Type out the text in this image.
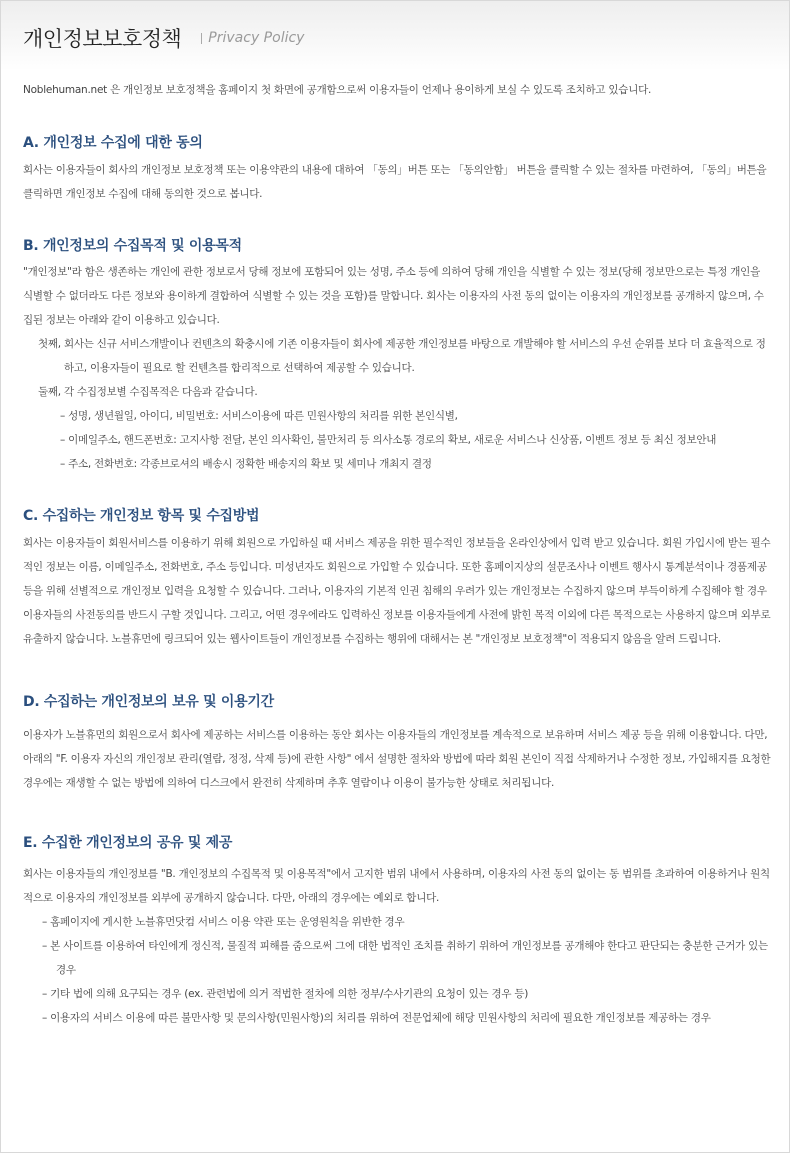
개인정보보호정책 Privacy Policy

Noblehuman.net 은 개인정보 보호정책을 홈페이지 첫 화면에 공개함으로써 이용자들이 언제나 용이하게 보실 수 있도록 조치하고 있습니다.

A. 개인정보 수집에 대한 동의

회사는 이용자들이 회사의 개인정보 보호정책 또는 이용약관의 내용에 대하여 「동의」버튼 또는 「동의안함」 버튼을 클릭할 수 있는 절차를 마련하여, 「동의」버튼을 클릭하면 개인정보 수집에 대해 동의한 것으로 봅니다.

B. 개인정보의 수집목적 및 이용목적

"개인정보"라 함은 생존하는 개인에 관한 정보로서 당해 정보에 포함되어 있는 성명, 주소 등에 의하여 당해 개인을 식별할 수 있는 정보(당해 정보만으로는 특정 개인을 식별할 수 없더라도 다른 정보와 용이하게 결합하여 식별할 수 있는 것을 포함)를 말합니다. 회사는 이용자의 사전 동의 없이는 이용자의 개인정보를 공개하지 않으며, 수집된 정보는 아래와 같이 이용하고 있습니다.

첫째, 회사는 신규 서비스개발이나 컨텐츠의 확충시에 기존 이용자들이 회사에 제공한 개인정보를 바탕으로 개발해야 할 서비스의 우선 순위를 보다 더 효율적으로 정하고, 이용자들이 필요로 할 컨텐츠를 합리적으로 선택하여 제공할 수 있습니다.

둘째, 각 수집정보별 수집목적은 다음과 같습니다.

– 성명, 생년월일, 아이디, 비밀번호: 서비스이용에 따른 민원사항의 처리를 위한 본인식별,

– 이메일주소, 핸드폰번호: 고지사항 전달, 본인 의사확인, 불만처리 등 의사소통 경로의 확보, 새로운 서비스나 신상품, 이벤트 정보 등 최신 정보안내

– 주소, 전화번호: 각종브로셔의 배송시 정확한 배송지의 확보 및 세미나 개최지 결정

C. 수집하는 개인정보 항목 및 수집방법

회사는 이용자들이 회원서비스를 이용하기 위해 회원으로 가입하실 때 서비스 제공을 위한 필수적인 정보들을 온라인상에서 입력 받고 있습니다. 회원 가입시에 받는 필수적인 정보는 이름, 이메일주소, 전화번호, 주소 등입니다. 미성년자도 회원으로 가입할 수 있습니다. 또한 홈페이지상의 설문조사나 이벤트 행사시 통계분석이나 경품제공 등을 위해 선별적으로 개인정보 입력을 요청할 수 있습니다. 그러나, 이용자의 기본적 인권 침해의 우려가 있는 개인정보는 수집하지 않으며 부득이하게 수집해야 할 경우 이용자들의 사전동의를 반드시 구할 것입니다. 그리고, 어떤 경우에라도 입력하신 정보를 이용자들에게 사전에 밝힌 목적 이외에 다른 목적으로는 사용하지 않으며 외부로 유출하지 않습니다. 노블휴먼에 링크되어 있는 웹사이트들이 개인정보를 수집하는 행위에 대해서는 본 "개인정보 보호정책"이 적용되지 않음을 알려 드립니다.

D. 수집하는 개인정보의 보유 및 이용기간

이용자가 노블휴먼의 회원으로서 회사에 제공하는 서비스를 이용하는 동안 회사는 이용자들의 개인정보를 계속적으로 보유하며 서비스 제공 등을 위해 이용합니다. 다만, 아래의 "F. 이용자 자신의 개인정보 관리(열람, 정정, 삭제 등)에 관한 사항" 에서 설명한 절차와 방법에 따라 회원 본인이 직접 삭제하거나 수정한 정보, 가입해지를 요청한 경우에는 재생할 수 없는 방법에 의하여 디스크에서 완전히 삭제하며 추후 열람이나 이용이 불가능한 상태로 처리됩니다.

E. 수집한 개인정보의 공유 및 제공

회사는 이용자들의 개인정보를 "B. 개인정보의 수집목적 및 이용목적"에서 고지한 범위 내에서 사용하며, 이용자의 사전 동의 없이는 동 범위를 초과하여 이용하거나 원칙적으로 이용자의 개인정보를 외부에 공개하지 않습니다. 다만, 아래의 경우에는 예외로 합니다.

– 홈페이지에 게시한 노블휴먼닷컴 서비스 이용 약관 또는 운영원칙을 위반한 경우

– 본 사이트를 이용하여 타인에게 정신적, 물질적 피해를 줌으로써 그에 대한 법적인 조치를 취하기 위하여 개인정보를 공개해야 한다고 판단되는 충분한 근거가 있는 경우

– 기타 법에 의해 요구되는 경우 (ex. 관련법에 의거 적법한 절차에 의한 정부/수사기관의 요청이 있는 경우 등)

– 이용자의 서비스 이용에 따른 불만사항 및 문의사항(민원사항)의 처리를 위하여 전문업체에 해당 민원사항의 처리에 필요한 개인정보를 제공하는 경우
